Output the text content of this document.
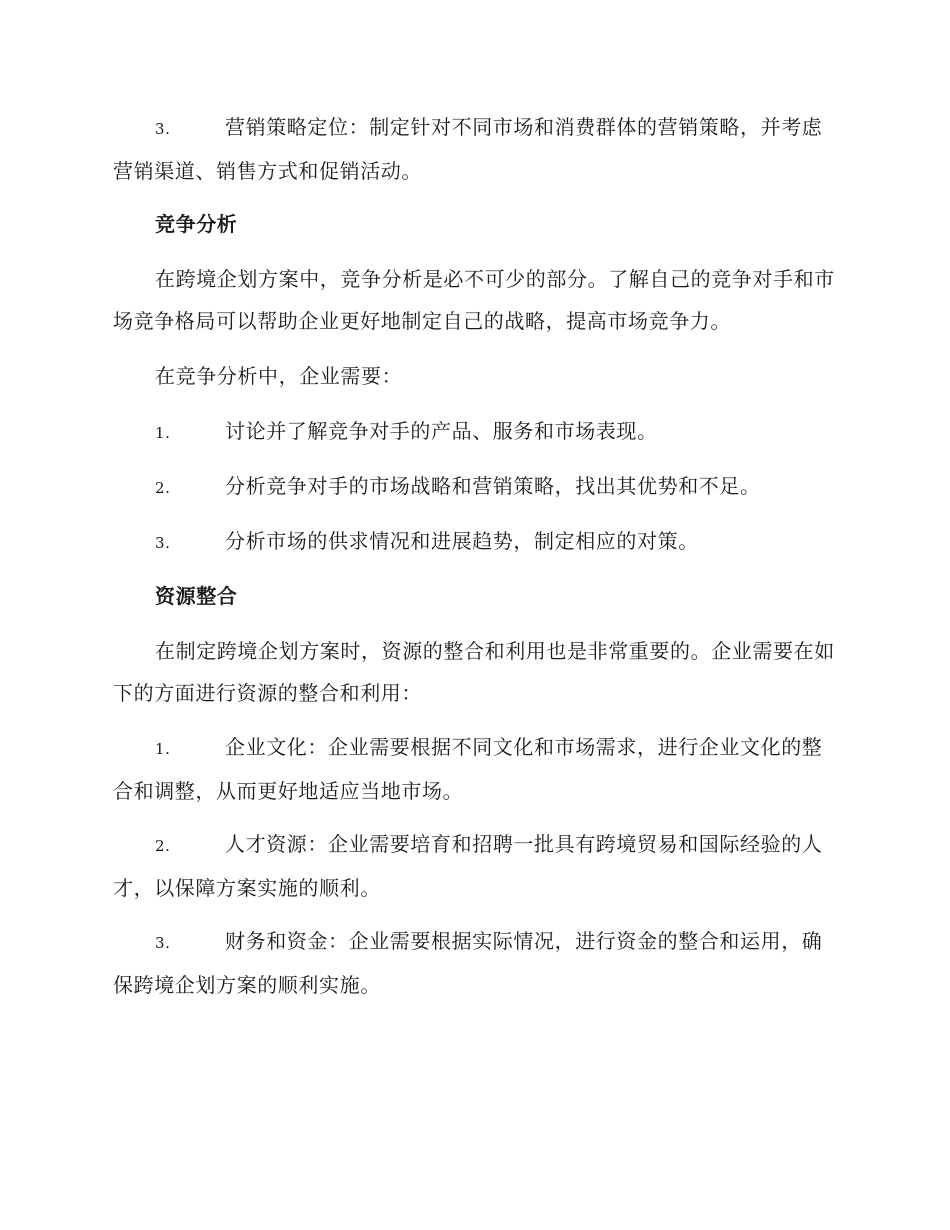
3.	营销策略定位：制定针对不同市场和消费群体的营销策略，并考虑营销渠道、销售方式和促销活动。
竞争分析
在跨境企划方案中，竞争分析是必不可少的部分。了解自己的竞争对手和市场竞争格局可以帮助企业更好地制定自己的战略，提高市场竞争力。
在竞争分析中，企业需要：
1.	讨论并了解竞争对手的产品、服务和市场表现。
2.	分析竞争对手的市场战略和营销策略，找出其优势和不足。
3.	分析市场的供求情况和进展趋势，制定相应的对策。
资源整合
在制定跨境企划方案时，资源的整合和利用也是非常重要的。企业需要在如下的方面进行资源的整合和利用：
1.	企业文化：企业需要根据不同文化和市场需求，进行企业文化的整合和调整，从而更好地适应当地市场。
2.	人才资源：企业需要培育和招聘一批具有跨境贸易和国际经验的人才，以保障方案实施的顺利。
3.	财务和资金：企业需要根据实际情况，进行资金的整合和运用，确保跨境企划方案的顺利实施。
